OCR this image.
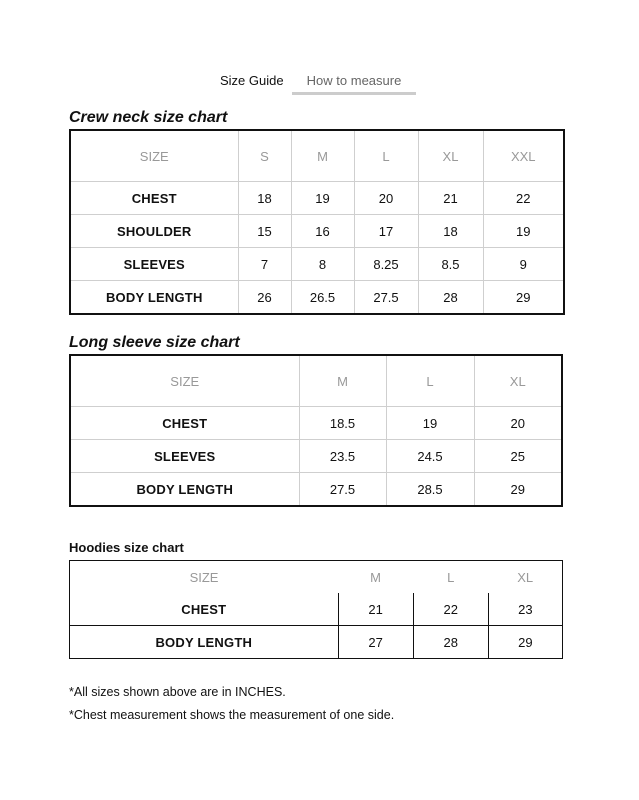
Size Guide	How to measure
Crew neck size chart
SIZE	S	M	L	XL	XXL
CHEST	18	19	20	21	22
SHOULDER	15	16	17	18	19
SLEEVES	7	8	8.25	8.5	9
BODY LENGTH	26	26.5	27.5	28	29
Long sleeve size chart
SIZE	M	L	XL
CHEST	18.5	19	20
SLEEVES	23.5	24.5	25
BODY LENGTH	27.5	28.5	29
Hoodies size chart
SIZE	M	L	XL
CHEST	21	22	23
BODY LENGTH	27	28	29
*All sizes shown above are in INCHES.
*Chest measurement shows the measurement of one side.
